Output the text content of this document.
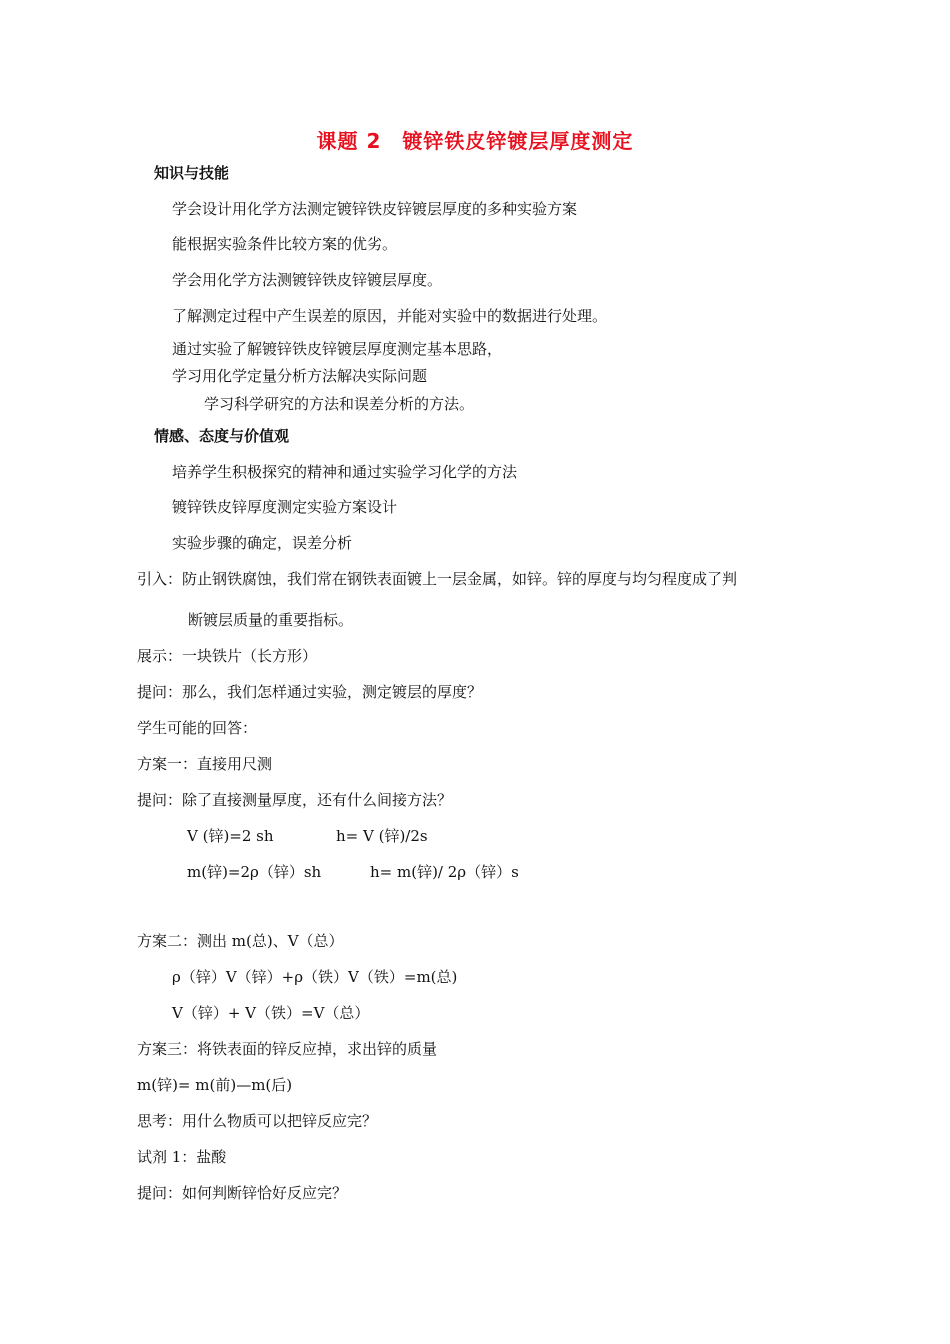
课题 2　镀锌铁皮锌镀层厚度测定
知识与技能
学会设计用化学方法测定镀锌铁皮锌镀层厚度的多种实验方案
能根据实验条件比较方案的优劣。
学会用化学方法测镀锌铁皮锌镀层厚度。
了解测定过程中产生误差的原因，并能对实验中的数据进行处理。
通过实验了解镀锌铁皮锌镀层厚度测定基本思路，
学习用化学定量分析方法解决实际问题
学习科学研究的方法和误差分析的方法。
情感、态度与价值观
培养学生积极探究的精神和通过实验学习化学的方法
镀锌铁皮锌厚度测定实验方案设计
实验步骤的确定，误差分析
引入：防止钢铁腐蚀，我们常在钢铁表面镀上一层金属，如锌。锌的厚度与均匀程度成了判
断镀层质量的重要指标。
展示：一块铁片（长方形）
提问：那么，我们怎样通过实验，测定镀层的厚度？
学生可能的回答：
方案一：直接用尺测
提问：除了直接测量厚度，还有什么间接方法？
V (锌)=2 sh	h= V (锌)/2s
m(锌)=2ρ（锌）sh	h= m(锌)/ 2ρ（锌）s
方案二：测出 m(总)、V（总）
ρ（锌）V（锌）+ρ（铁）V（铁）=m(总)
V（锌）+ V（铁）=V（总）
方案三：将铁表面的锌反应掉，求出锌的质量
m(锌)= m(前)—m(后)
思考：用什么物质可以把锌反应完？
试剂 1：盐酸
提问：如何判断锌恰好反应完？
